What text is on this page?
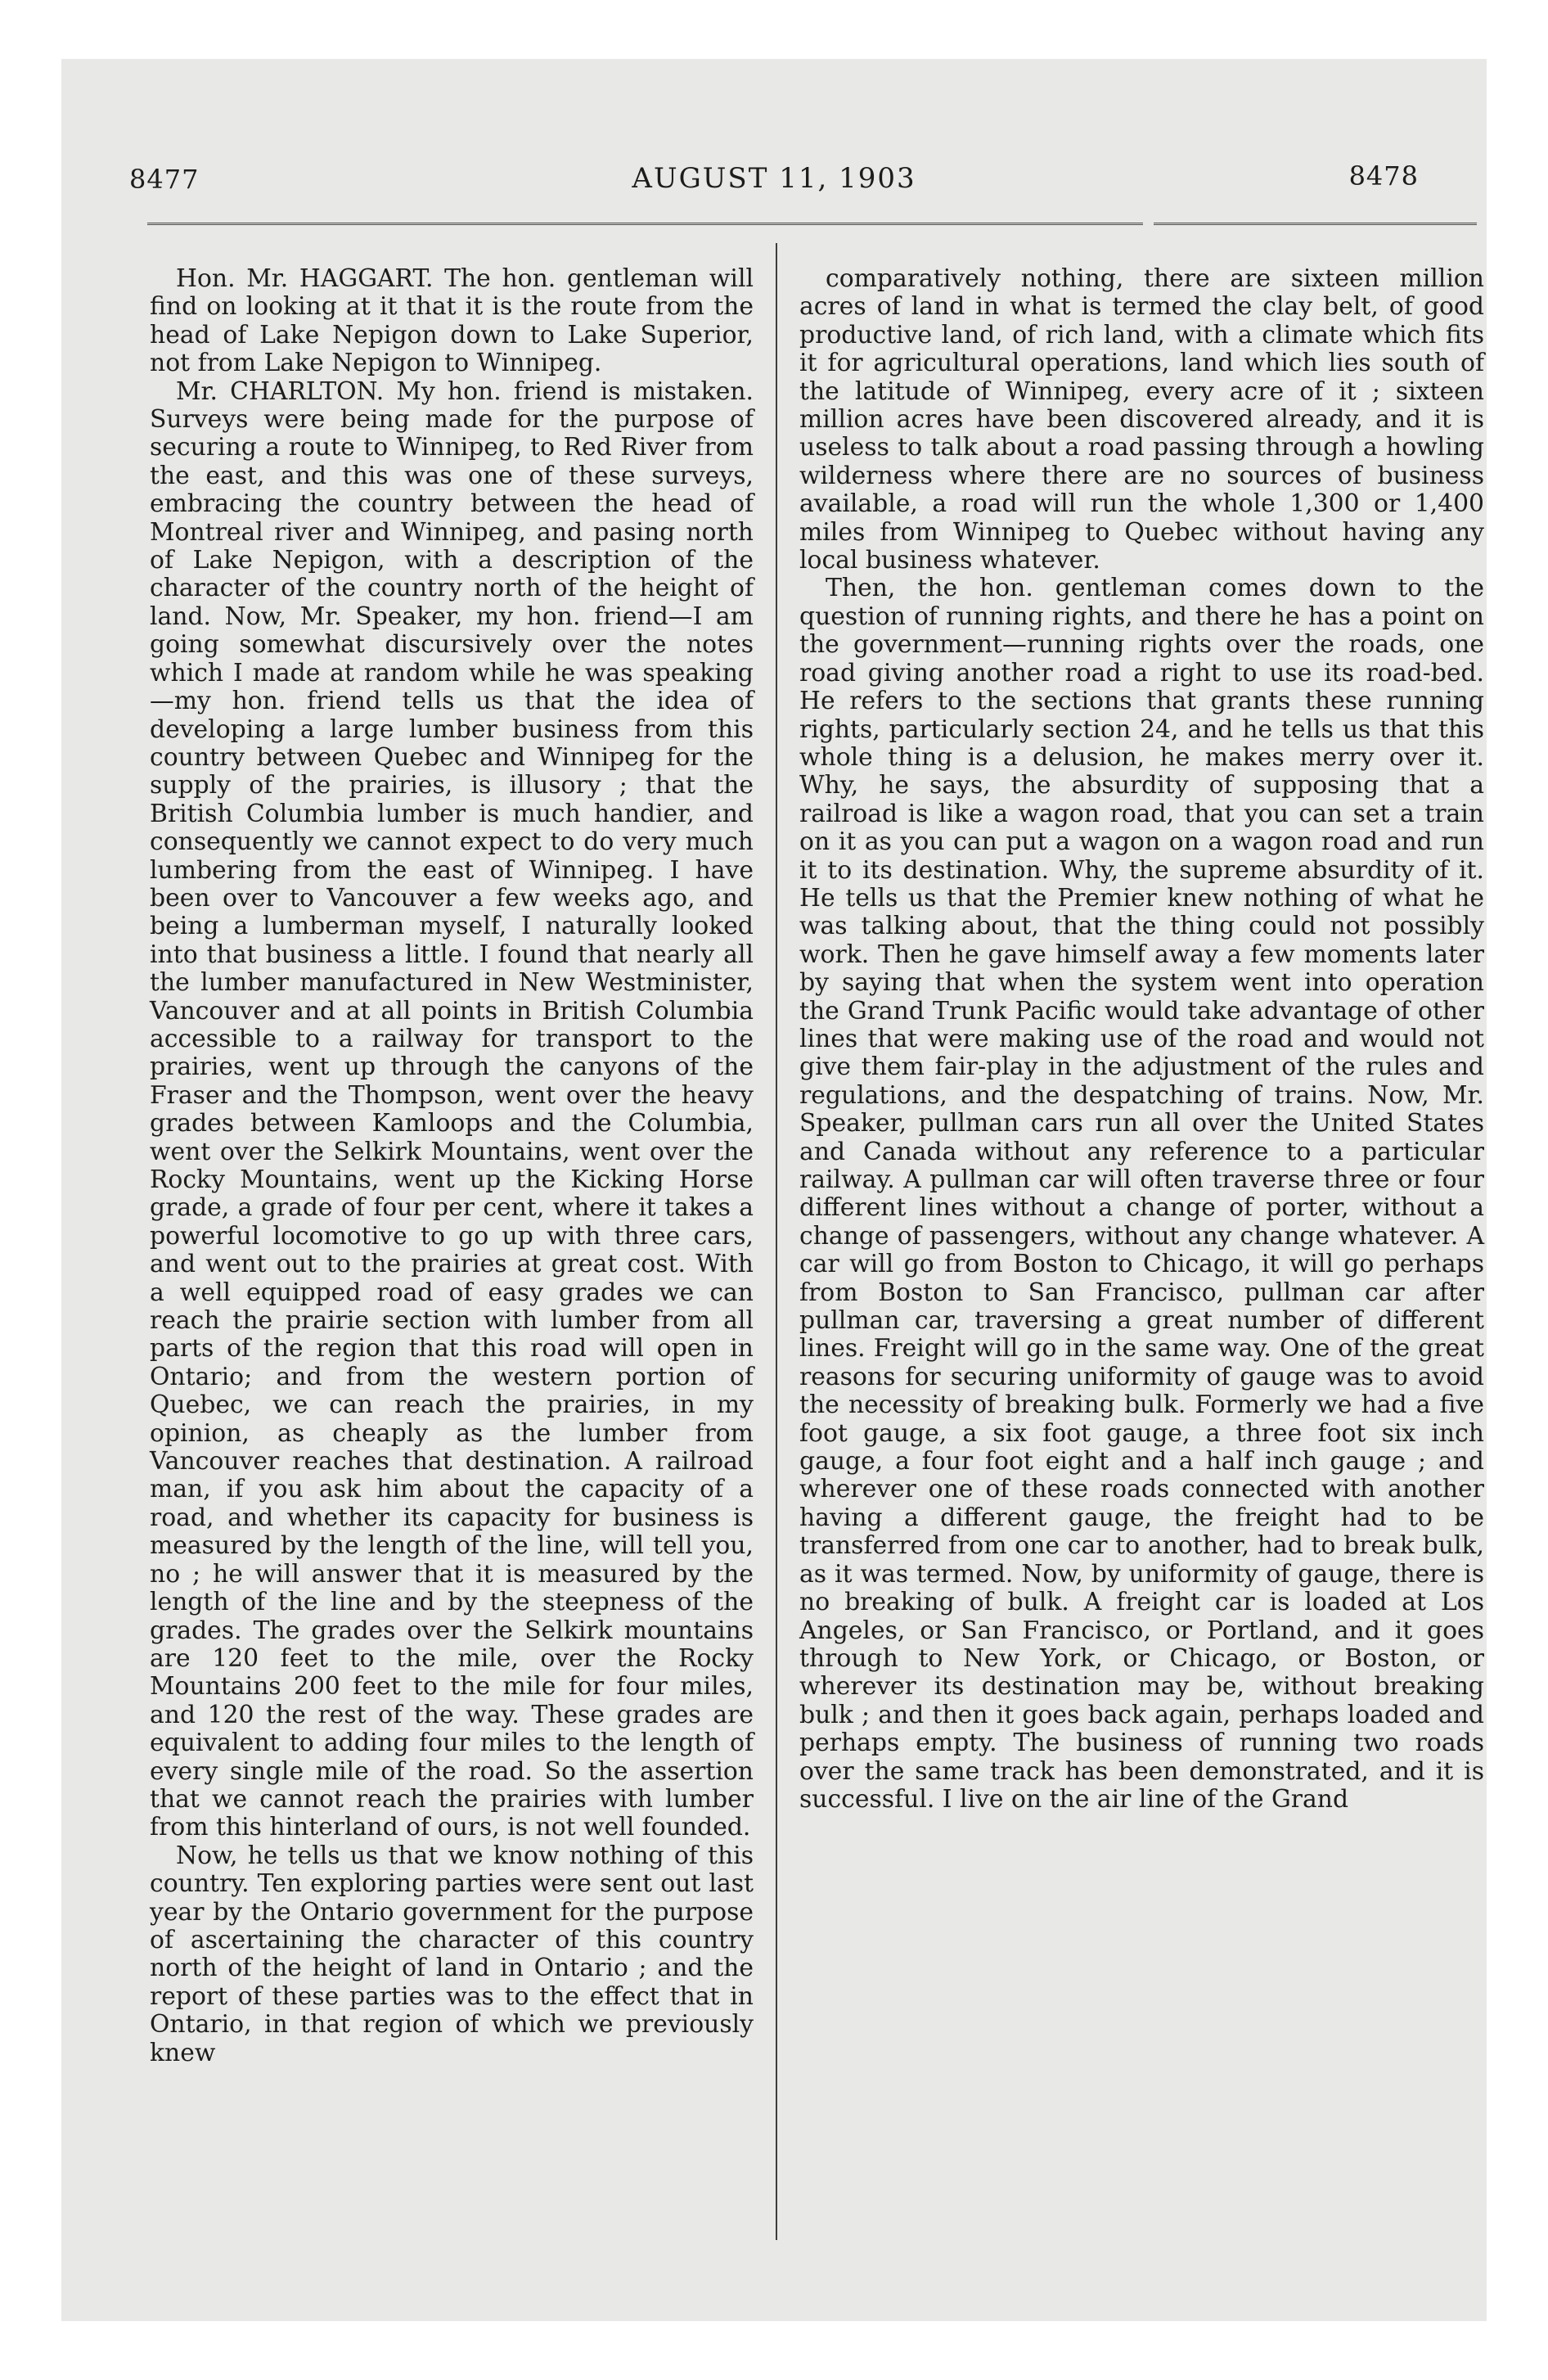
8477	AUGUST 11, 1903	8478

Hon. Mr. HAGGART. The hon. gentleman will find on looking at it that it is the route from the head of Lake Nepigon down to Lake Superior, not from Lake Nepigon to Winnipeg.

Mr. CHARLTON. My hon. friend is mistaken. Surveys were being made for the purpose of securing a route to Winnipeg, to Red River from the east, and this was one of these surveys, embracing the country between the head of Montreal river and Winnipeg, and pasing north of Lake Nepigon, with a description of the character of the country north of the height of land. Now, Mr. Speaker, my hon. friend—I am going somewhat discursively over the notes which I made at random while he was speaking—my hon. friend tells us that the idea of developing a large lumber business from this country between Quebec and Winnipeg for the supply of the prairies, is illusory ; that the British Columbia lumber is much handier, and consequently we cannot expect to do very much lumbering from the east of Winnipeg. I have been over to Vancouver a few weeks ago, and being a lumberman myself, I naturally looked into that business a little. I found that nearly all the lumber manufactured in New Westminister, Vancouver and at all points in British Columbia accessible to a railway for transport to the prairies, went up through the canyons of the Fraser and the Thompson, went over the heavy grades between Kamloops and the Columbia, went over the Selkirk Mountains, went over the Rocky Mountains, went up the Kicking Horse grade, a grade of four per cent, where it takes a powerful locomotive to go up with three cars, and went out to the prairies at great cost. With a well equipped road of easy grades we can reach the prairie section with lumber from all parts of the region that this road will open in Ontario; and from the western portion of Quebec, we can reach the prairies, in my opinion, as cheaply as the lumber from Vancouver reaches that destination. A railroad man, if you ask him about the capacity of a road, and whether its capacity for business is measured by the length of the line, will tell you, no ; he will answer that it is measured by the length of the line and by the steepness of the grades. The grades over the Selkirk mountains are 120 feet to the mile, over the Rocky Mountains 200 feet to the mile for four miles, and 120 the rest of the way. These grades are equivalent to adding four miles to the length of every single mile of the road. So the assertion that we cannot reach the prairies with lumber from this hinterland of ours, is not well founded.

Now, he tells us that we know nothing of this country. Ten exploring parties were sent out last year by the Ontario government for the purpose of ascertaining the character of this country north of the height of land in Ontario ; and the report of these parties was to the effect that in Ontario, in that region of which we previously knew

comparatively nothing, there are sixteen million acres of land in what is termed the clay belt, of good productive land, of rich land, with a climate which fits it for agricultural operations, land which lies south of the latitude of Winnipeg, every acre of it ; sixteen million acres have been discovered already, and it is useless to talk about a road passing through a howling wilderness where there are no sources of business available, a road will run the whole 1,300 or 1,400 miles from Winnipeg to Quebec without having any local business whatever.

Then, the hon. gentleman comes down to the question of running rights, and there he has a point on the government—running rights over the roads, one road giving another road a right to use its road-bed. He refers to the sections that grants these running rights, particularly section 24, and he tells us that this whole thing is a delusion, he makes merry over it. Why, he says, the absurdity of supposing that a railroad is like a wagon road, that you can set a train on it as you can put a wagon on a wagon road and run it to its destination. Why, the supreme absurdity of it. He tells us that the Premier knew nothing of what he was talking about, that the thing could not possibly work. Then he gave himself away a few moments later by saying that when the system went into operation the Grand Trunk Pacific would take advantage of other lines that were making use of the road and would not give them fair-play in the adjustment of the rules and regulations, and the despatching of trains. Now, Mr. Speaker, pullman cars run all over the United States and Canada without any reference to a particular railway. A pullman car will often traverse three or four different lines without a change of porter, without a change of passengers, without any change whatever. A car will go from Boston to Chicago, it will go perhaps from Boston to San Francisco, pullman car after pullman car, traversing a great number of different lines. Freight will go in the same way. One of the great reasons for securing uniformity of gauge was to avoid the necessity of breaking bulk. Formerly we had a five foot gauge, a six foot gauge, a three foot six inch gauge, a four foot eight and a half inch gauge ; and wherever one of these roads connected with another having a different gauge, the freight had to be transferred from one car to another, had to break bulk, as it was termed. Now, by uniformity of gauge, there is no breaking of bulk. A freight car is loaded at Los Angeles, or San Francisco, or Portland, and it goes through to New York, or Chicago, or Boston, or wherever its destination may be, without breaking bulk ; and then it goes back again, perhaps loaded and perhaps empty. The business of running two roads over the same track has been demonstrated, and it is successful. I live on the air line of the Grand
